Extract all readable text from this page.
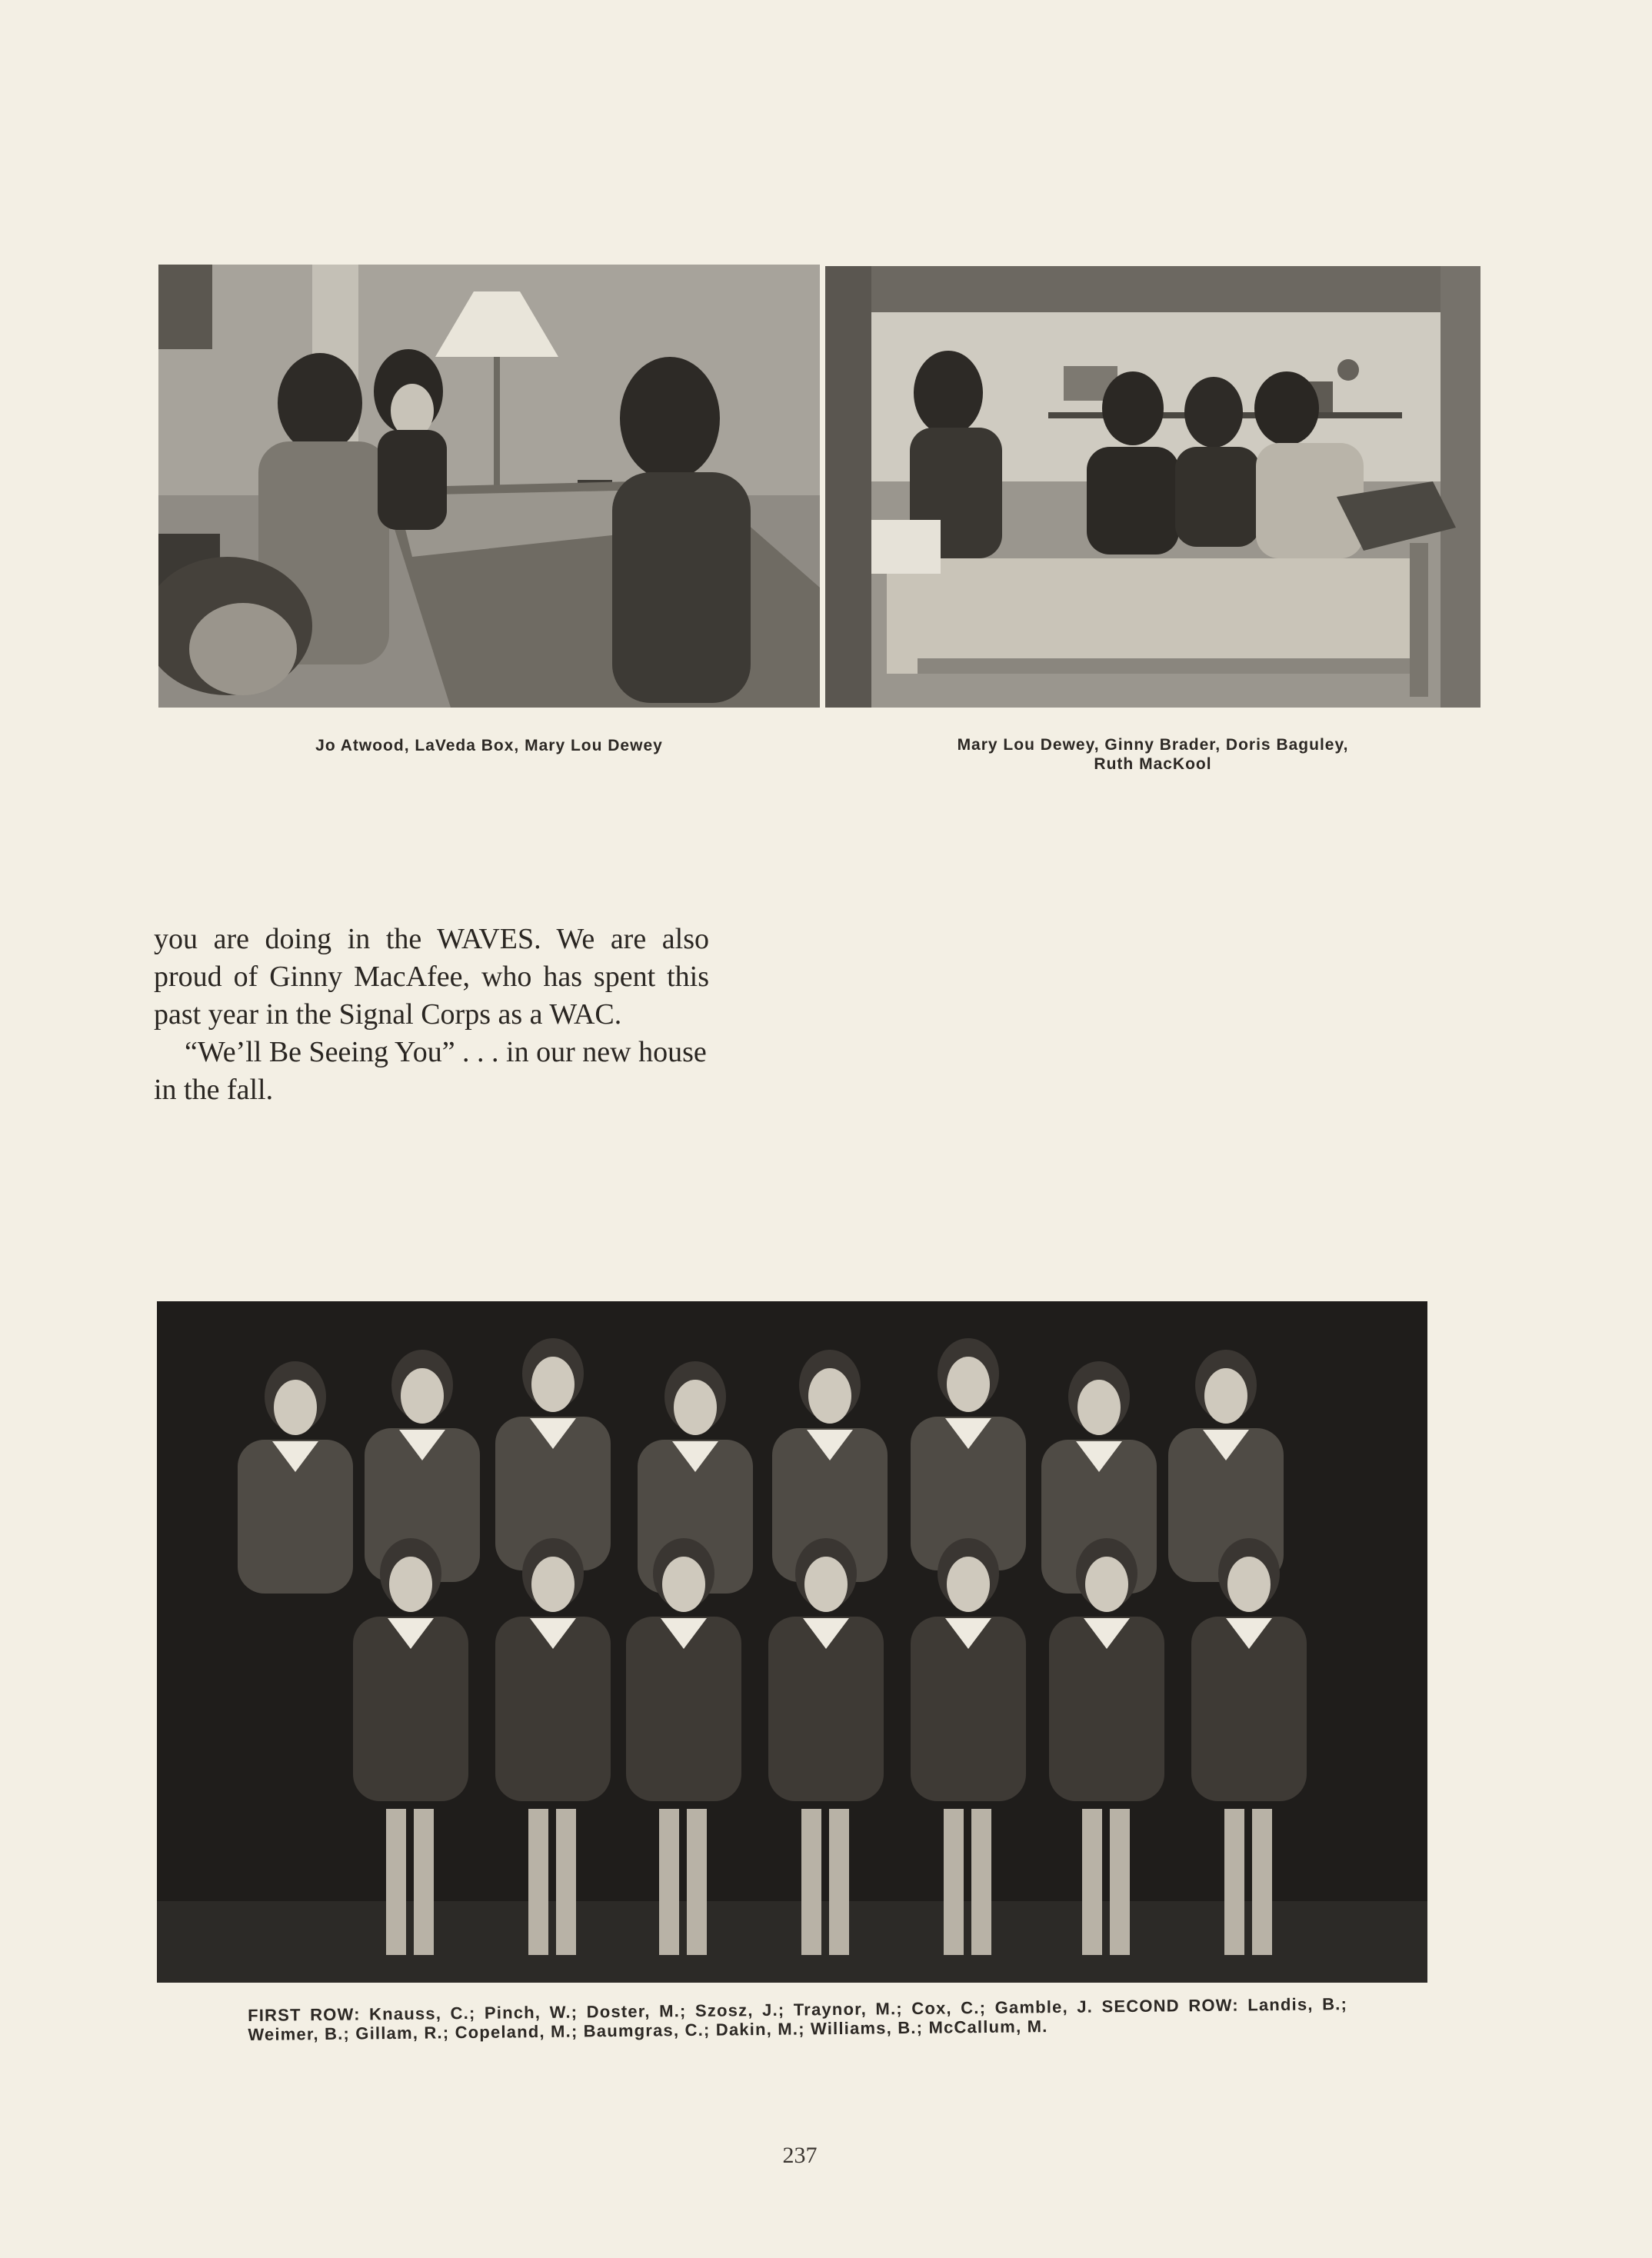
Jo Atwood, LaVeda Box, Mary Lou Dewey	Mary Lou Dewey, Ginny Brader, Doris Baguley,
Ruth MacKool

you are doing in the WAVES. We are also proud of Ginny MacAfee, who has spent this past year in the Signal Corps as a WAC.

“We’ll Be Seeing You” . . . in our new house in the fall.

FIRST ROW: Knauss, C.; Pinch, W.; Doster, M.; Szosz, J.; Traynor, M.; Cox, C.; Gamble, J. SECOND ROW: Landis, B.; Weimer, B.; Gillam, R.; Copeland, M.; Baumgras, C.; Dakin, M.; Williams, B.; McCallum, M.
237
